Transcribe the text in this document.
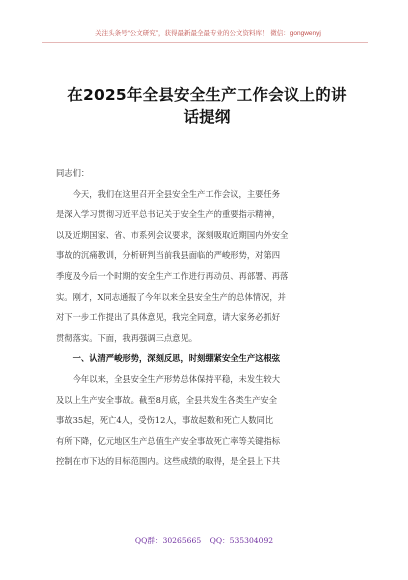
关注头条号“公文研究”，获得最新最全最专业的公文资料库！ 微信：gongwenyj
在2025年全县安全生产工作会议上的讲
话提纲

同志们：

今天，我们在这里召开全县安全生产工作会议，主要任务
是深入学习贯彻习近平总书记关于安全生产的重要指示精神，
以及近期国家、省、市系列会议要求，深刻吸取近期国内外安全
事故的沉痛教训，分析研判当前我县面临的严峻形势，对第四
季度及今后一个时期的安全生产工作进行再动员、再部署、再落
实。刚才，X同志通报了今年以来全县安全生产的总体情况，并
对下一步工作提出了具体意见，我完全同意，请大家务必抓好
贯彻落实。下面，我再强调三点意见。

一、认清严峻形势，深刻反思，时刻绷紧安全生产这根弦

今年以来，全县安全生产形势总体保持平稳，未发生较大
及以上生产安全事故。截至8月底，全县共发生各类生产安全
事故35起，死亡4人，受伤12人，事故起数和死亡人数同比
有所下降，亿元地区生产总值生产安全事故死亡率等关键指标
控制在市下达的目标范围内。这些成绩的取得，是全县上下共

QQ群：30265665 QQ：535304092
